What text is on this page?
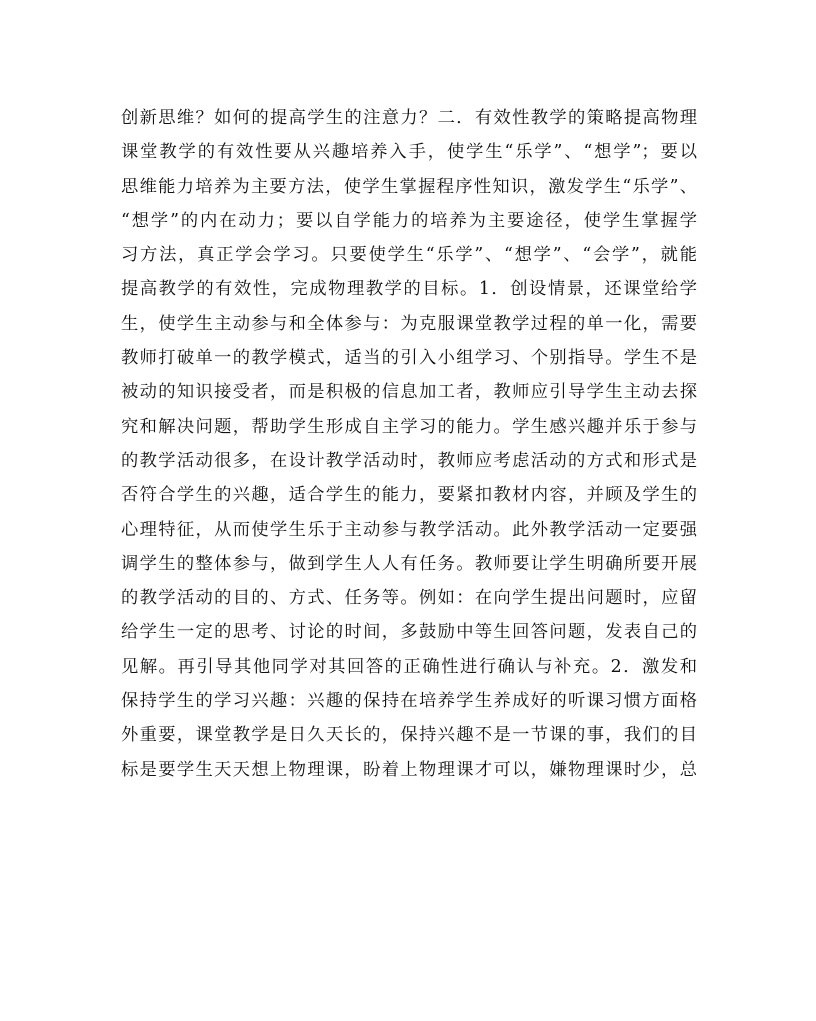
创新思维？如何的提高学生的注意力？二．有效性教学的策略提高物理
课堂教学的有效性要从兴趣培养入手，使学生“乐学”、“想学”；要以
思维能力培养为主要方法，使学生掌握程序性知识，激发学生“乐学”、
“想学”的内在动力；要以自学能力的培养为主要途径，使学生掌握学
习方法，真正学会学习。只要使学生“乐学”、“想学”、“会学”，就能
提高教学的有效性，完成物理教学的目标。1．创设情景，还课堂给学
生，使学生主动参与和全体参与：为克服课堂教学过程的单一化，需要
教师打破单一的教学模式，适当的引入小组学习、个别指导。学生不是
被动的知识接受者，而是积极的信息加工者，教师应引导学生主动去探
究和解决问题，帮助学生形成自主学习的能力。学生感兴趣并乐于参与
的教学活动很多，在设计教学活动时，教师应考虑活动的方式和形式是
否符合学生的兴趣，适合学生的能力，要紧扣教材内容，并顾及学生的
心理特征，从而使学生乐于主动参与教学活动。此外教学活动一定要强
调学生的整体参与，做到学生人人有任务。教师要让学生明确所要开展
的教学活动的目的、方式、任务等。例如：在向学生提出问题时，应留
给学生一定的思考、讨论的时间，多鼓励中等生回答问题，发表自己的
见解。再引导其他同学对其回答的正确性进行确认与补充。2．激发和
保持学生的学习兴趣：兴趣的保持在培养学生养成好的听课习惯方面格
外重要，课堂教学是日久天长的，保持兴趣不是一节课的事，我们的目
标是要学生天天想上物理课，盼着上物理课才可以，嫌物理课时少，总
